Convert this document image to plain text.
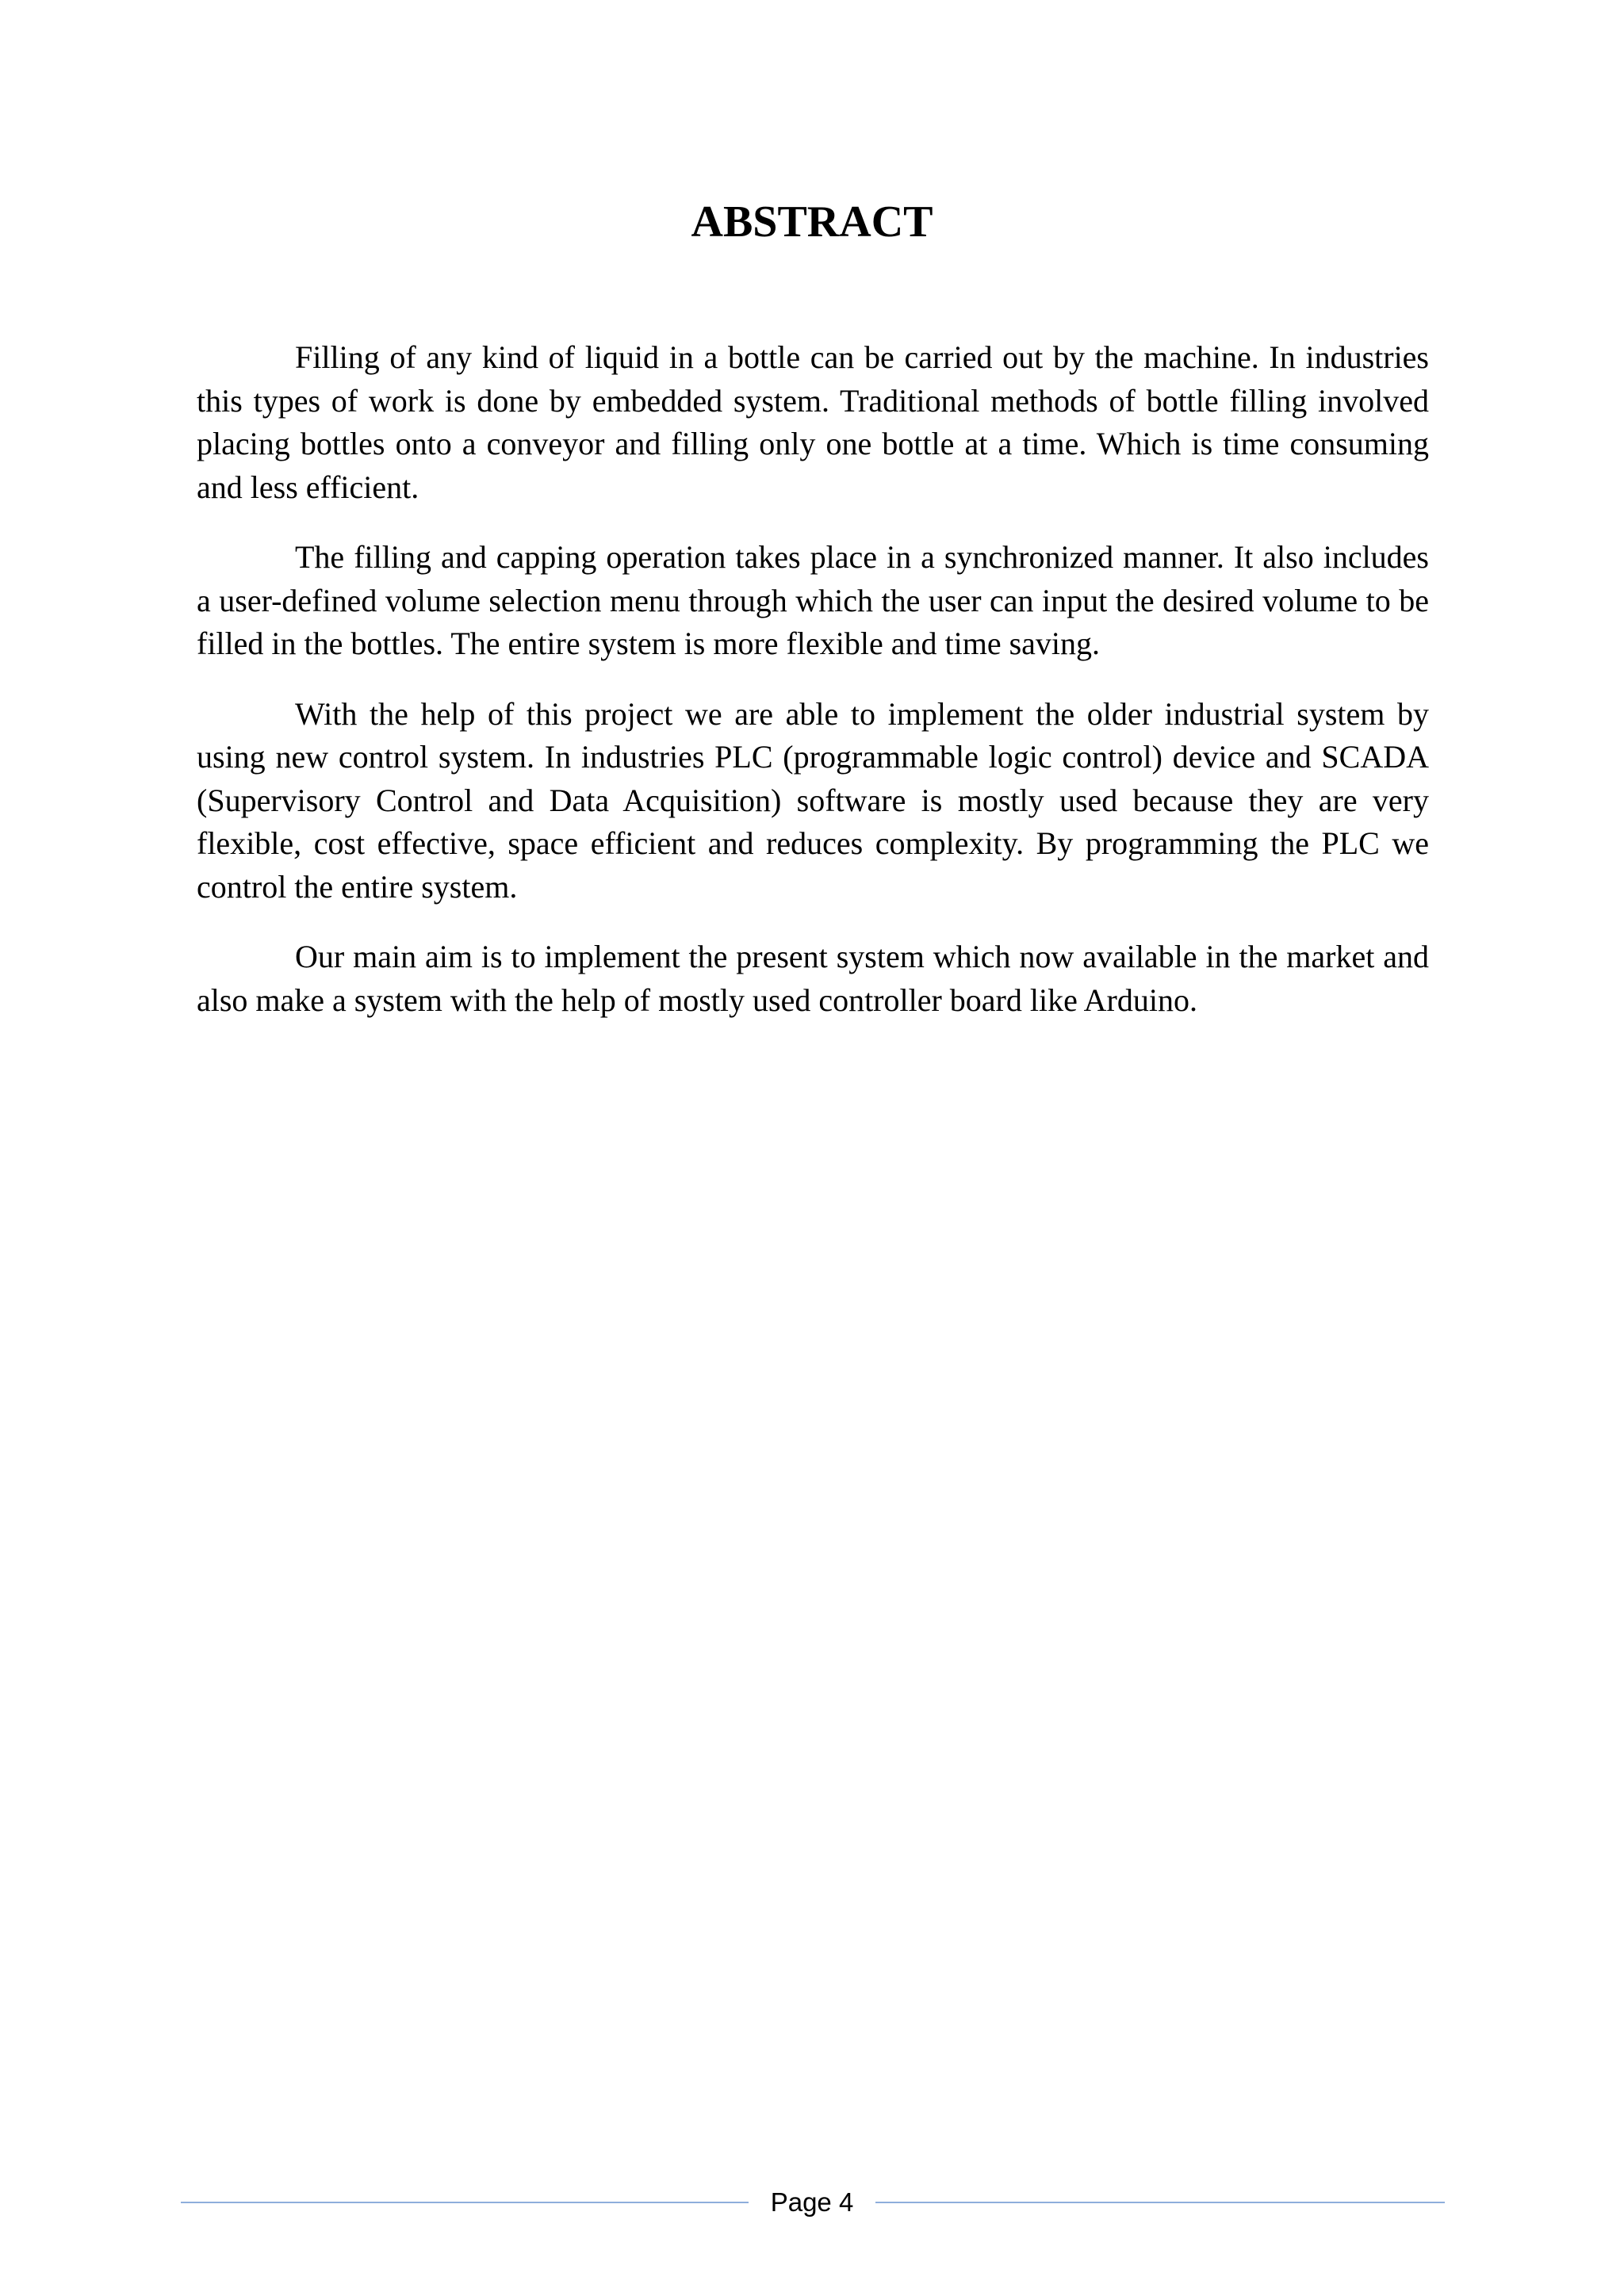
ABSTRACT

Filling of any kind of liquid in a bottle can be carried out by the machine. In industries this types of work is done by embedded system. Traditional methods of bottle filling involved placing bottles onto a conveyor and filling only one bottle at a time. Which is time consuming and less efficient.

The filling and capping operation takes place in a synchronized manner. It also includes a user-defined volume selection menu through which the user can input the desired volume to be filled in the bottles. The entire system is more flexible and time saving.

With the help of this project we are able to implement the older industrial system by using new control system. In industries PLC (programmable logic control) device and SCADA (Supervisory Control and Data Acquisition) software is mostly used because they are very flexible, cost effective, space efficient and reduces complexity. By programming the PLC we control the entire system.

Our main aim is to implement the present system which now available in the market and also make a system with the help of mostly used controller board like Arduino.

Page 4
